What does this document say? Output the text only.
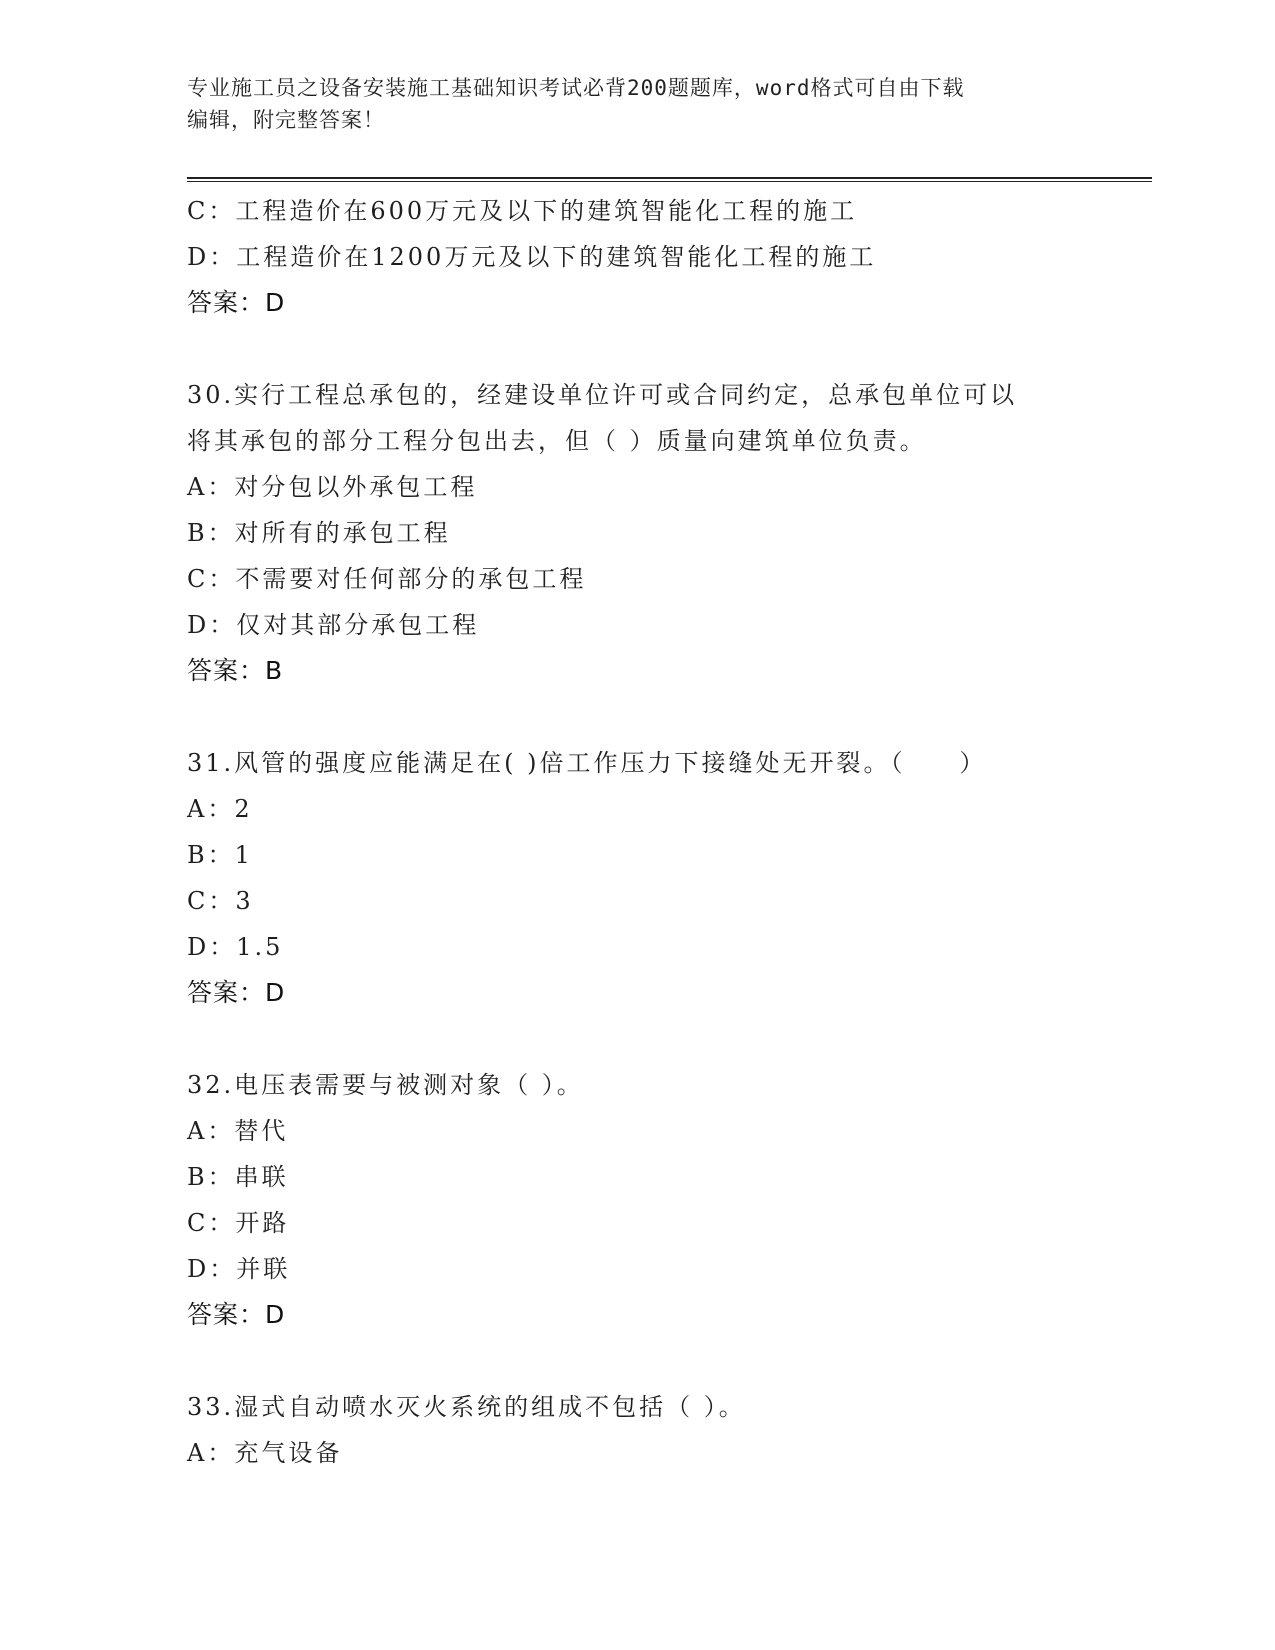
专业施工员之设备安装施工基础知识考试必背200题题库，word格式可自由下载
编辑，附完整答案！
C：工程造价在600万元及以下的建筑智能化工程的施工
D：工程造价在1200万元及以下的建筑智能化工程的施工
答案：D
30.实行工程总承包的，经建设单位许可或合同约定，总承包单位可以
将其承包的部分工程分包出去，但（ ）质量向建筑单位负责。
A：对分包以外承包工程
B：对所有的承包工程
C：不需要对任何部分的承包工程
D：仅对其部分承包工程
答案：B
31.风管的强度应能满足在( )倍工作压力下接缝处无开裂。（　　）
A：2
B：1
C：3
D：1.5
答案：D
32.电压表需要与被测对象（ ）。
A：替代
B：串联
C：开路
D：并联
答案：D
33.湿式自动喷水灭火系统的组成不包括（ ）。
A：充气设备
